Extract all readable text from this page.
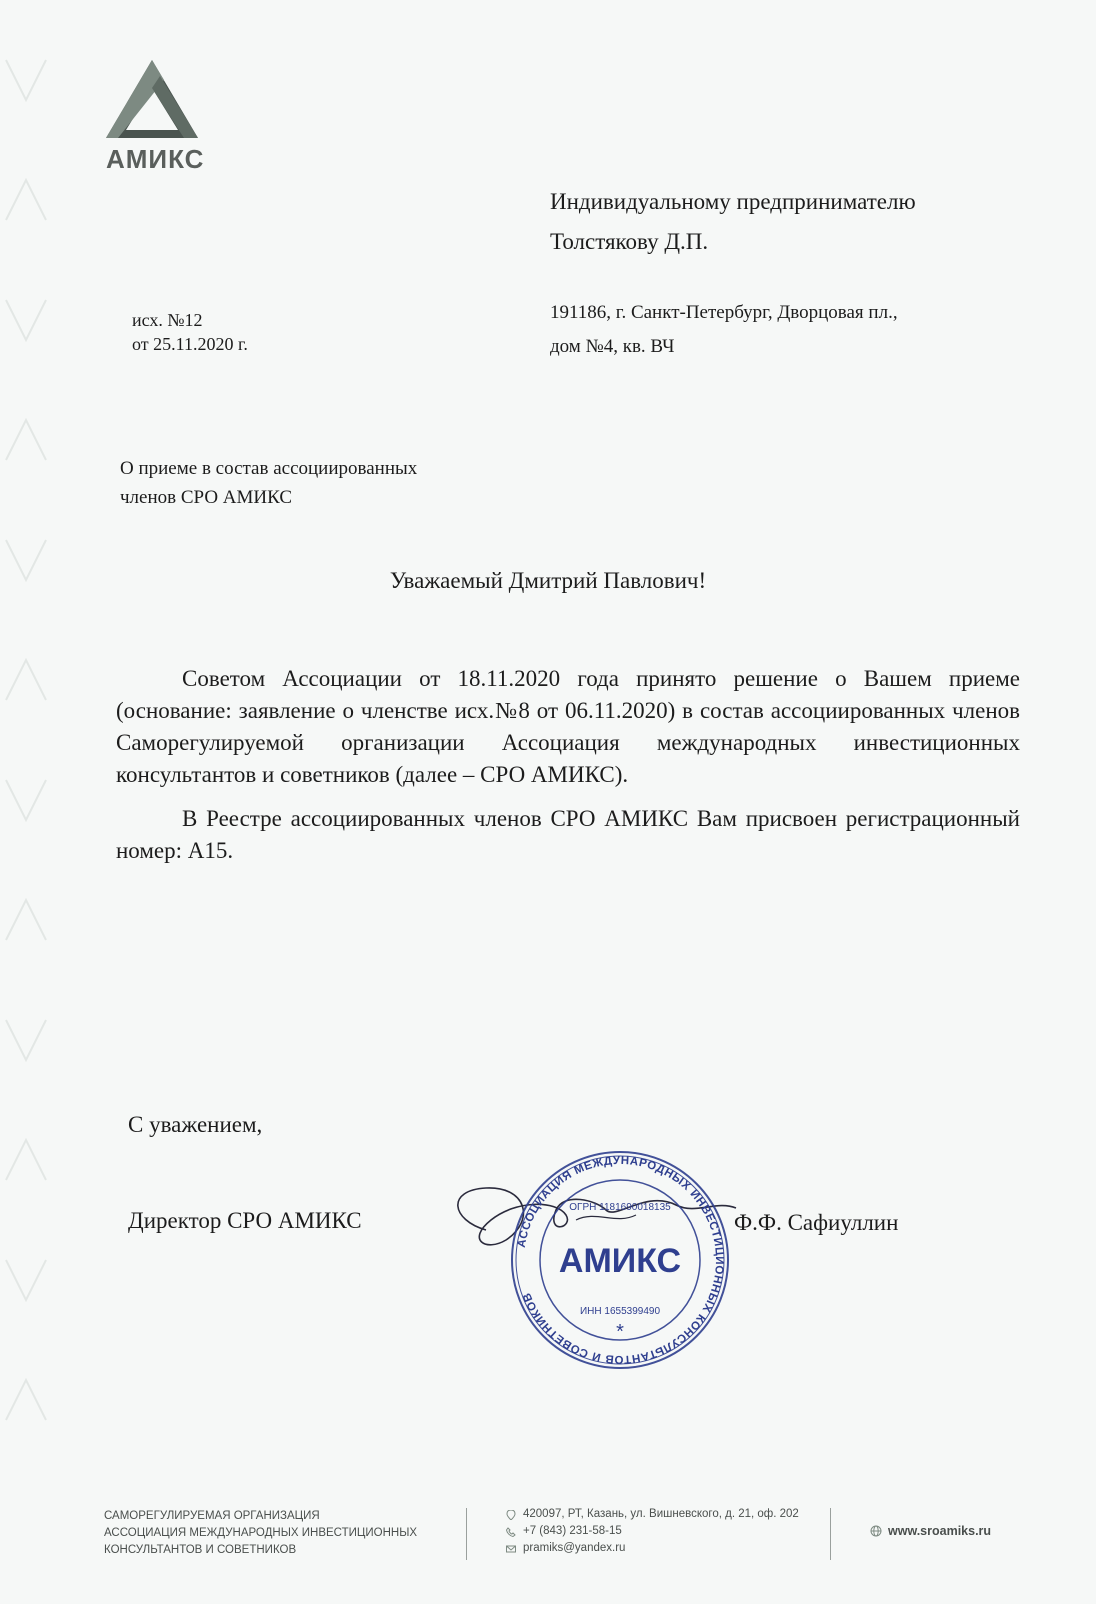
АМИКС
Индивидуальному предпринимателю
Толстякову Д.П.
191186, г. Санкт-Петербург, Дворцовая пл.,
дом №4, кв. ВЧ
исх. №12
от 25.11.2020 г.
О приеме в состав ассоциированных
членов СРО АМИКС
Уважаемый Дмитрий Павлович!

Советом Ассоциации от 18.11.2020 года принято решение о Вашем приеме (основание: заявление о членстве исх.№8 от 06.11.2020) в состав ассоциированных членов Саморегулируемой организации Ассоциация международных инвестиционных консультантов и советников (далее – СРО АМИКС).

В Реестре ассоциированных членов СРО АМИКС Вам присвоен регистрационный номер: А15.

С уважением,
Директор СРО АМИКС
АССОЦИАЦИЯ МЕЖДУНАРОДНЫХ ИНВЕСТИЦИОННЫХ КОНСУЛЬТАНТОВ И СОВЕТНИКОВ
ОГРН 1181690018135
АМИКС
ИНН 1655399490
*
Ф.Ф. Сафиуллин
САМОРЕГУЛИРУЕМАЯ ОРГАНИЗАЦИЯ
АССОЦИАЦИЯ МЕЖДУНАРОДНЫХ ИНВЕСТИЦИОННЫХ
КОНСУЛЬТАНТОВ И СОВЕТНИКОВ
420097, РТ, Казань, ул. Вишневского, д. 21, оф. 202
+7 (843) 231-58-15
pramiks@yandex.ru
www.sroamiks.ru
